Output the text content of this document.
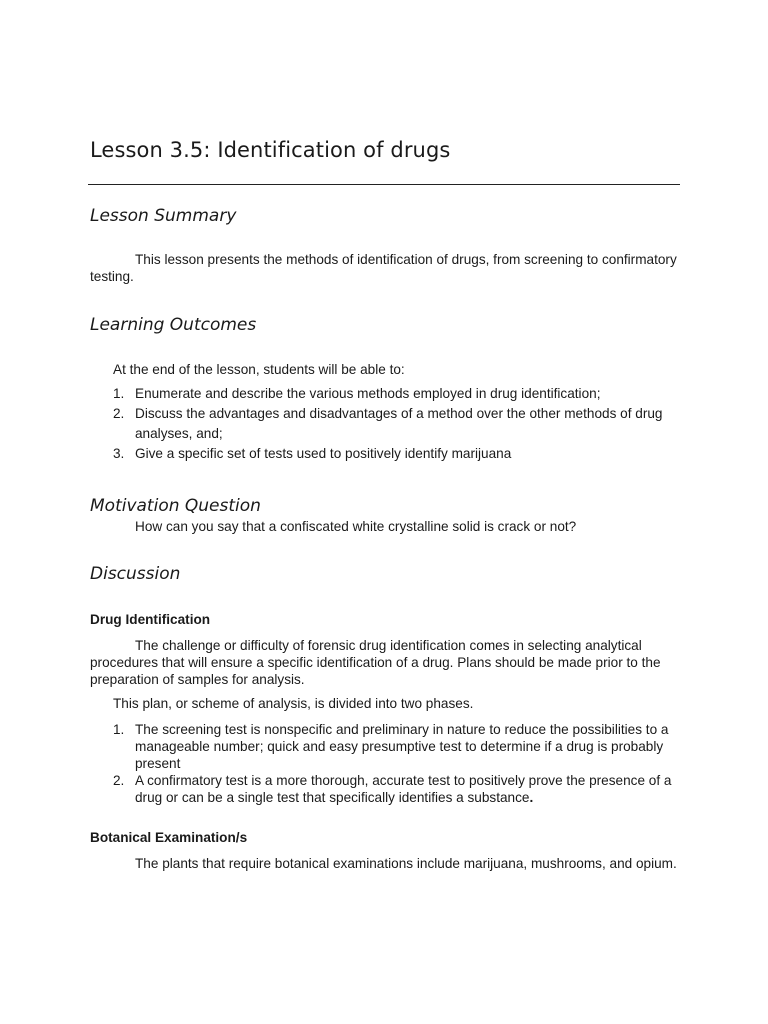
Lesson 3.5: Identification of drugs
Lesson Summary

This lesson presents the methods of identification of drugs, from screening to confirmatory testing.

Learning Outcomes

At the end of the lesson, students will be able to:

1. Enumerate and describe the various methods employed in drug identification;
2. Discuss the advantages and disadvantages of a method over the other methods of drug analyses, and;
3. Give a specific set of tests used to positively identify marijuana
Motivation Question

How can you say that a confiscated white crystalline solid is crack or not?

Discussion
Drug Identification

The challenge or difficulty of forensic drug identification comes in selecting analytical procedures that will ensure a specific identification of a drug. Plans should be made prior to the preparation of samples for analysis.

This plan, or scheme of analysis, is divided into two phases.

1. The screening test is nonspecific and preliminary in nature to reduce the possibilities to a manageable number; quick and easy presumptive test to determine if a drug is probably present
2. A confirmatory test is a more thorough, accurate test to positively prove the presence of a drug or can be a single test that specifically identifies a substance.
Botanical Examination/s

The plants that require botanical examinations include marijuana, mushrooms, and opium.
